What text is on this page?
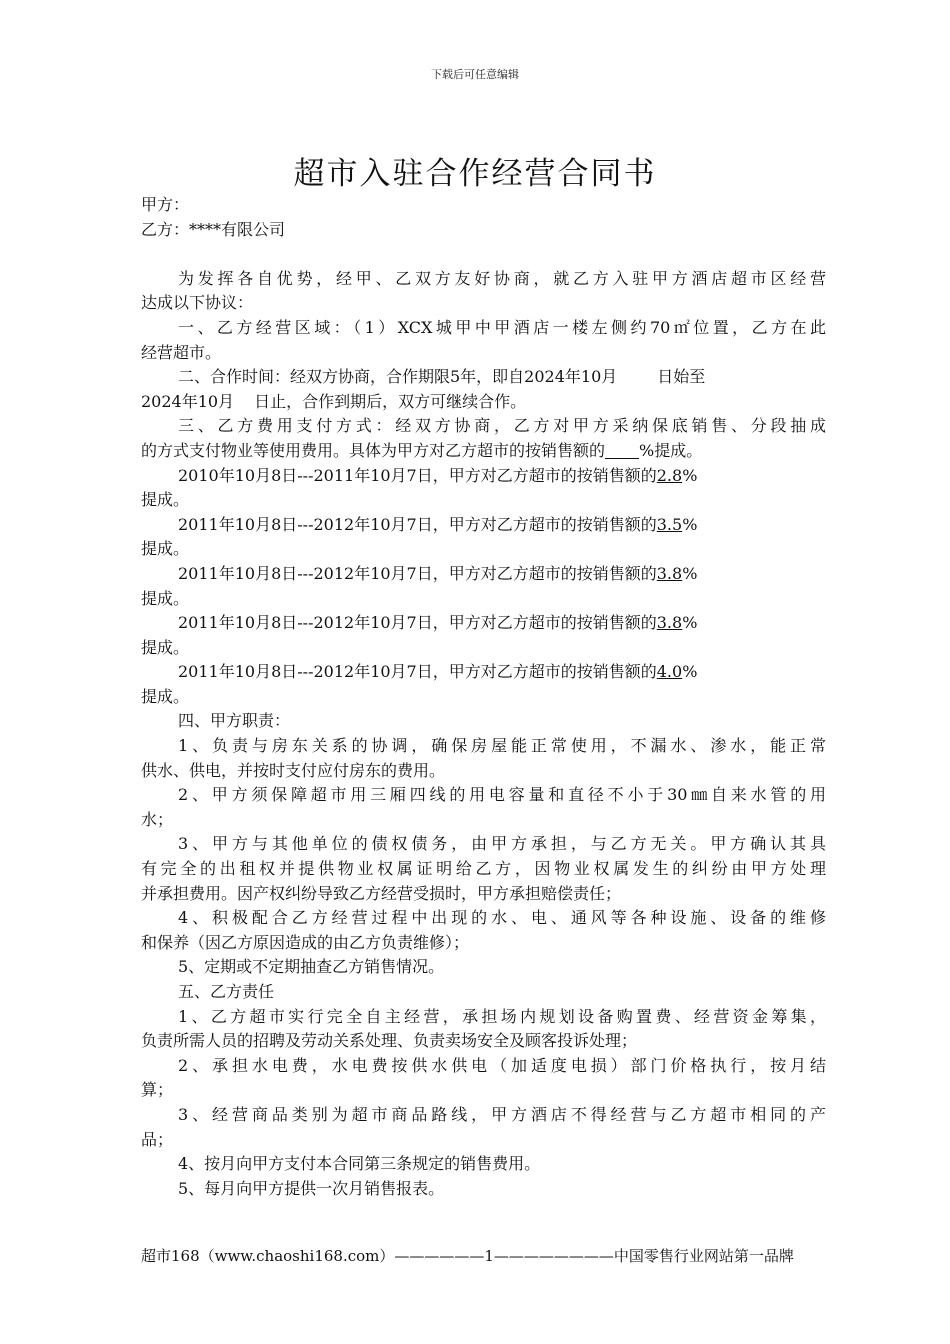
下载后可任意编辑
超市入驻合作经营合同书
甲方：
乙方：****有限公司
为发挥各自优势，经甲、乙双方友好协商，就乙方入驻甲方酒店超市区经营
达成以下协议：
一、乙方经营区域：（1）XCX城甲中甲酒店一楼左侧约70㎡位置，乙方在此
经营超市。
二、合作时间：经双方协商，合作期限5年，即自2024年10月	日始至
2024年10月 日止，合作到期后，双方可继续合作。
三、乙方费用支付方式：经双方协商，乙方对甲方采纳保底销售、分段抽成
的方式支付物业等使用费用。具体为甲方对乙方超市的按销售额的 %提成。
2010年10月8日---2011年10月7日，甲方对乙方超市的按销售额的2.8%
提成。
2011年10月8日---2012年10月7日，甲方对乙方超市的按销售额的3.5%
提成。
2011年10月8日---2012年10月7日，甲方对乙方超市的按销售额的3.8%
提成。
2011年10月8日---2012年10月7日，甲方对乙方超市的按销售额的3.8%
提成。
2011年10月8日---2012年10月7日，甲方对乙方超市的按销售额的4.0%
提成。
四、甲方职责：
1、负责与房东关系的协调，确保房屋能正常使用，不漏水、渗水，能正常
供水、供电，并按时支付应付房东的费用。
2、甲方须保障超市用三厢四线的用电容量和直径不小于30㎜自来水管的用
水；
3、甲方与其他单位的债权债务，由甲方承担，与乙方无关。甲方确认其具
有完全的出租权并提供物业权属证明给乙方，因物业权属发生的纠纷由甲方处理
并承担费用。因产权纠纷导致乙方经营受损时，甲方承担赔偿责任；
4、积极配合乙方经营过程中出现的水、电、通风等各种设施、设备的维修
和保养（因乙方原因造成的由乙方负责维修）；
5、定期或不定期抽查乙方销售情况。
五、乙方责任
1、乙方超市实行完全自主经营，承担场内规划设备购置费、经营资金筹集，
负责所需人员的招聘及劳动关系处理、负责卖场安全及顾客投诉处理；
2、承担水电费，水电费按供水供电（加适度电损）部门价格执行，按月结
算；
3、经营商品类别为超市商品路线，甲方酒店不得经营与乙方超市相同的产
品；
4、按月向甲方支付本合同第三条规定的销售费用。
5、每月向甲方提供一次月销售报表。
超市168（www.chaoshi168.com）——————1————————中国零售行业网站第一品牌
